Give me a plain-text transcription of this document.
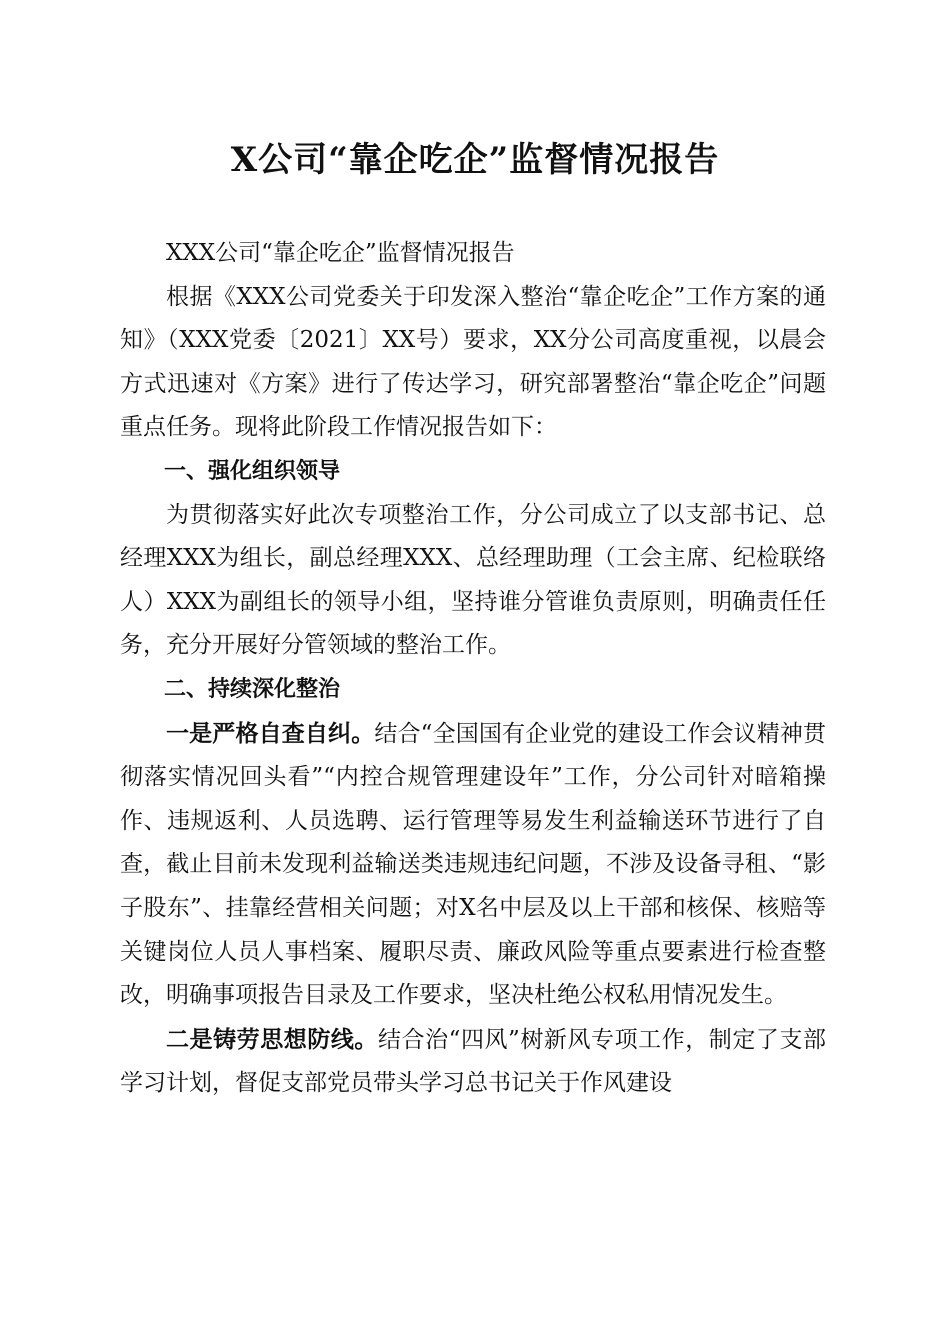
X公司“靠企吃企”监督情况报告

XXX公司“靠企吃企”监督情况报告

根据《XXX公司党委关于印发深入整治“靠企吃企”工作方案的通知》（XXX党委〔2021〕XX号）要求，XX分公司高度重视，以晨会方式迅速对《方案》进行了传达学习，研究部署整治“靠企吃企”问题重点任务。现将此阶段工作情况报告如下：

一、强化组织领导

为贯彻落实好此次专项整治工作，分公司成立了以支部书记、总经理XXX为组长，副总经理XXX、总经理助理（工会主席、纪检联络人）XXX为副组长的领导小组，坚持谁分管谁负责原则，明确责任任务，充分开展好分管领域的整治工作。

二、持续深化整治

一是严格自查自纠。结合“全国国有企业党的建设工作会议精神贯彻落实情况回头看”“内控合规管理建设年”工作，分公司针对暗箱操作、违规返利、人员选聘、运行管理等易发生利益输送环节进行了自查，截止目前未发现利益输送类违规违纪问题，不涉及设备寻租、“影子股东”、挂靠经营相关问题；对X名中层及以上干部和核保、核赔等关键岗位人员人事档案、履职尽责、廉政风险等重点要素进行检查整改，明确事项报告目录及工作要求，坚决杜绝公权私用情况发生。

二是铸劳思想防线。结合治“四风”树新风专项工作，制定了支部学习计划，督促支部党员带头学习总书记关于作风建设
